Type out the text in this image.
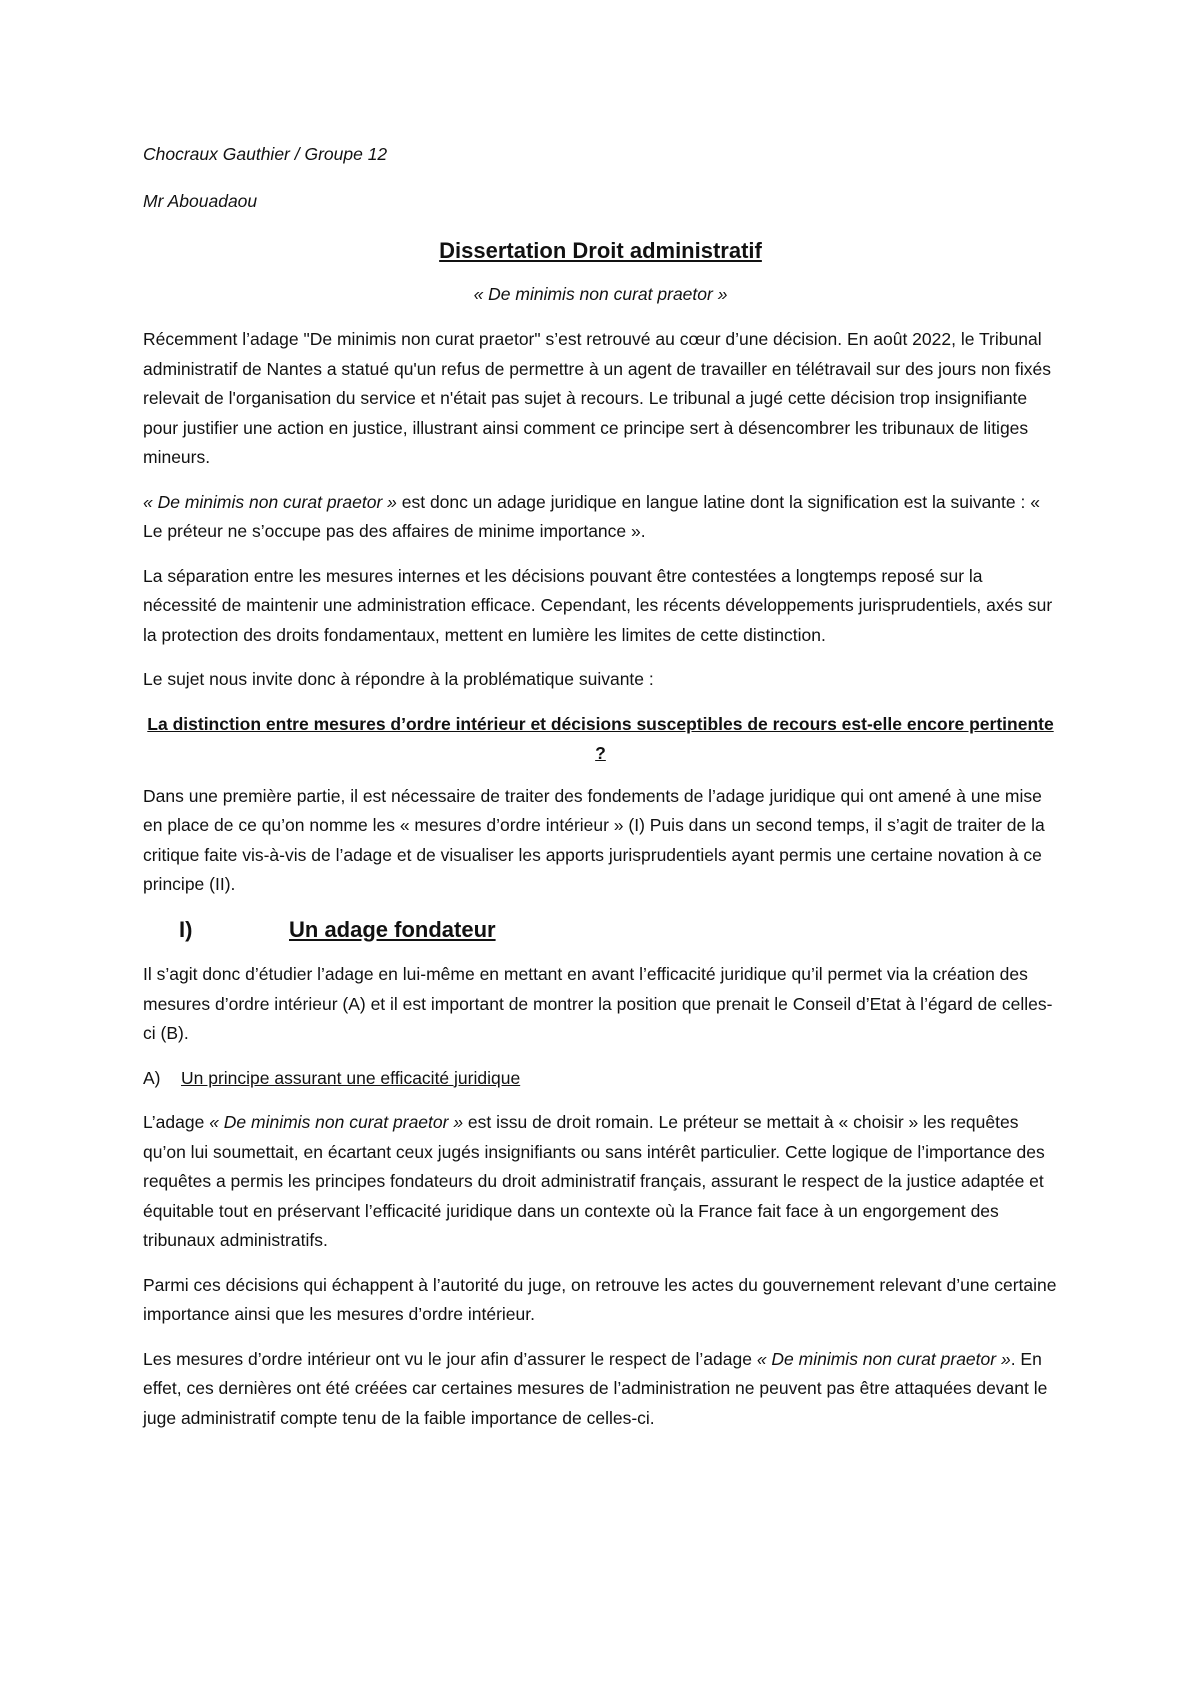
Chocraux Gauthier / Groupe 12

Mr Abouadaou

Dissertation Droit administratif

« De minimis non curat praetor »

Récemment l’adage "De minimis non curat praetor" s’est retrouvé au cœur d’une décision. En août 2022, le Tribunal administratif de Nantes a statué qu'un refus de permettre à un agent de travailler en télétravail sur des jours non fixés relevait de l'organisation du service et n'était pas sujet à recours. Le tribunal a jugé cette décision trop insignifiante pour justifier une action en justice, illustrant ainsi comment ce principe sert à désencombrer les tribunaux de litiges mineurs.

« De minimis non curat praetor » est donc un adage juridique en langue latine dont la signification est la suivante : « Le préteur ne s’occupe pas des affaires de minime importance ».

La séparation entre les mesures internes et les décisions pouvant être contestées a longtemps reposé sur la nécessité de maintenir une administration efficace. Cependant, les récents développements jurisprudentiels, axés sur la protection des droits fondamentaux, mettent en lumière les limites de cette distinction.

Le sujet nous invite donc à répondre à la problématique suivante :

La distinction entre mesures d’ordre intérieur et décisions susceptibles de recours est-elle encore pertinente ?

Dans une première partie, il est nécessaire de traiter des fondements de l’adage juridique qui ont amené à une mise en place de ce qu’on nomme les « mesures d’ordre intérieur » (I) Puis dans un second temps, il s’agit de traiter de la critique faite vis-à-vis de l’adage et de visualiser les apports jurisprudentiels ayant permis une certaine novation à ce principe (II).

I)	Un adage fondateur

Il s’agit donc d’étudier l’adage en lui-même en mettant en avant l’efficacité juridique qu’il permet via la création des mesures d’ordre intérieur (A) et il est important de montrer la position que prenait le Conseil d’Etat à l’égard de celles-ci (B).

A)	Un principe assurant une efficacité juridique

L’adage « De minimis non curat praetor » est issu de droit romain. Le préteur se mettait à « choisir » les requêtes qu’on lui soumettait, en écartant ceux jugés insignifiants ou sans intérêt particulier. Cette logique de l’importance des requêtes a permis les principes fondateurs du droit administratif français, assurant le respect de la justice adaptée et équitable tout en préservant l’efficacité juridique dans un contexte où la France fait face à un engorgement des tribunaux administratifs.

Parmi ces décisions qui échappent à l’autorité du juge, on retrouve les actes du gouvernement relevant d’une certaine importance ainsi que les mesures d’ordre intérieur.

Les mesures d’ordre intérieur ont vu le jour afin d’assurer le respect de l’adage « De minimis non curat praetor ». En effet, ces dernières ont été créées car certaines mesures de l’administration ne peuvent pas être attaquées devant le juge administratif compte tenu de la faible importance de celles-ci.
